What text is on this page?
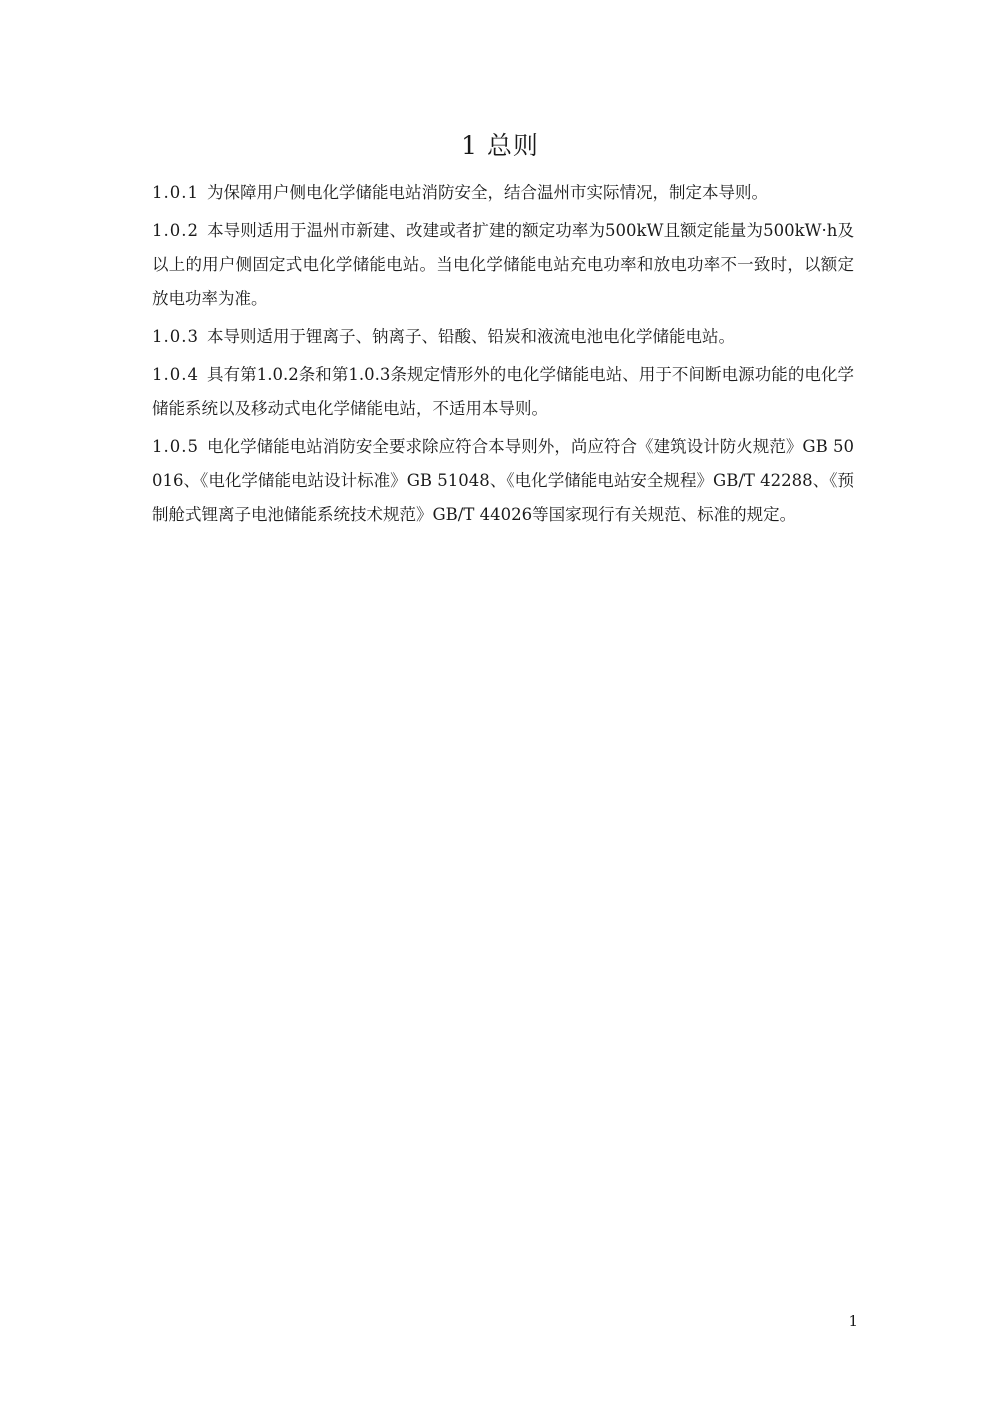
1 总则

1.0.1 为保障用户侧电化学储能电站消防安全，结合温州市实际情况，制定本导则。

1.0.2 本导则适用于温州市新建、改建或者扩建的额定功率为500kW且额定能量为500kW·h及以上的用户侧固定式电化学储能电站。当电化学储能电站充电功率和放电功率不一致时，以额定放电功率为准。

1.0.3 本导则适用于锂离子、钠离子、铅酸、铅炭和液流电池电化学储能电站。

1.0.4 具有第1.0.2条和第1.0.3条规定情形外的电化学储能电站、用于不间断电源功能的电化学储能系统以及移动式电化学储能电站，不适用本导则。

1.0.5 电化学储能电站消防安全要求除应符合本导则外，尚应符合《建筑设计防火规范》GB 50016、《电化学储能电站设计标准》GB 51048、《电化学储能电站安全规程》GB/T 42288、《预制舱式锂离子电池储能系统技术规范》GB/T 44026等国家现行有关规范、标准的规定。

1
